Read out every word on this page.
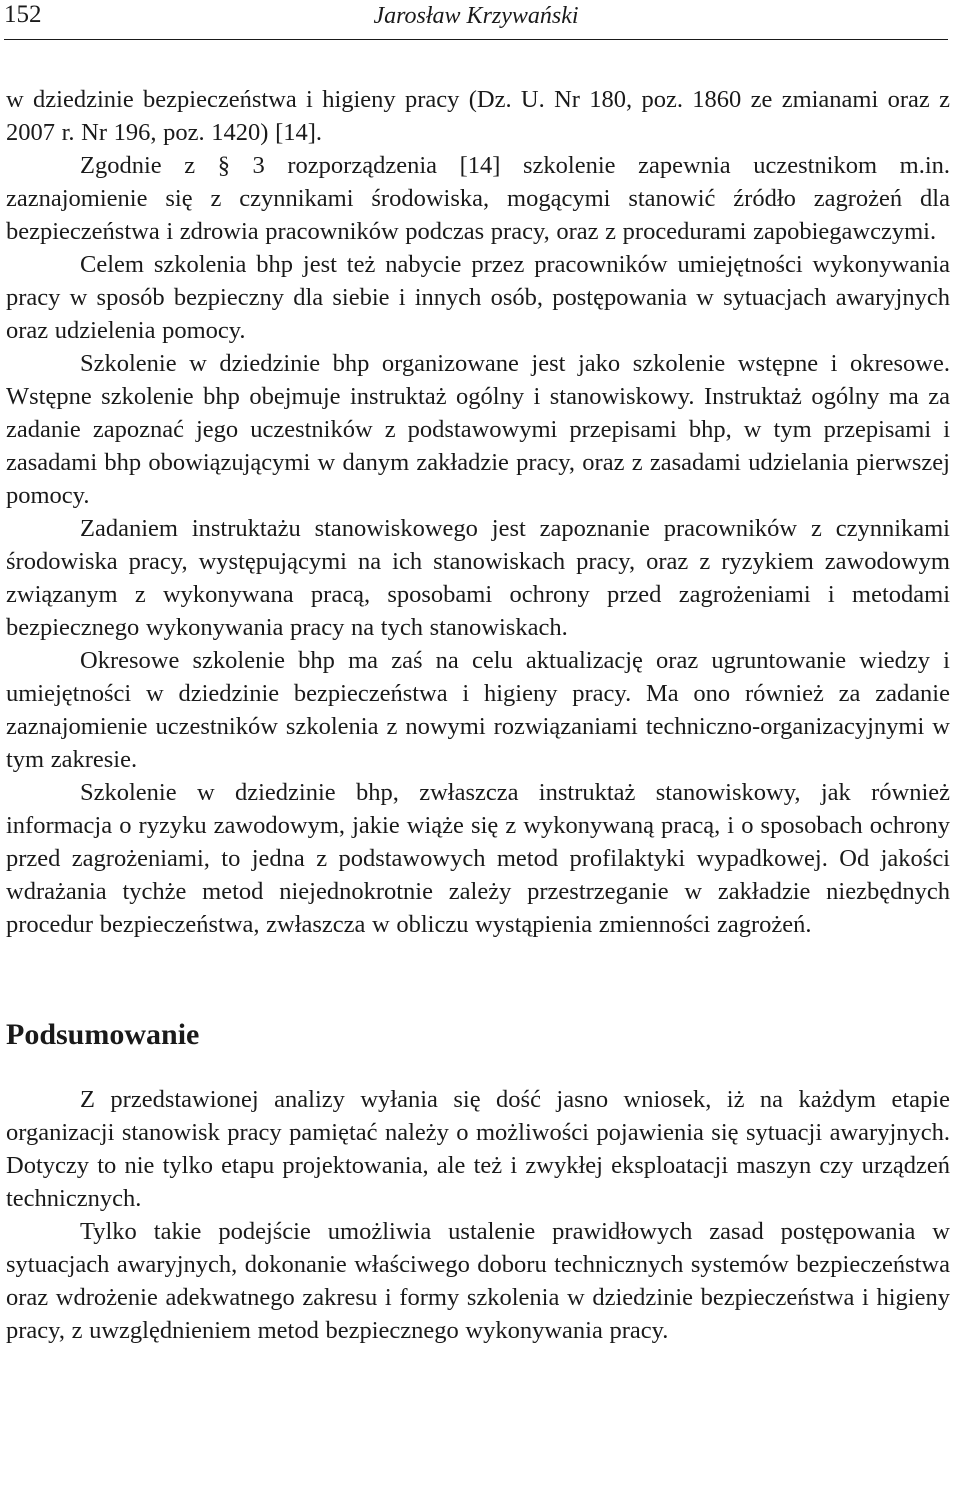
152	Jarosław Krzywański

w dziedzinie bezpieczeństwa i higieny pracy (Dz. U. Nr 180, poz. 1860 ze zmianami oraz z 2007 r. Nr 196, poz. 1420) [14].

Zgodnie z § 3 rozporządzenia [14] szkolenie zapewnia uczestnikom m.in. zaznajomienie się z czynnikami środowiska, mogącymi stanowić źródło zagrożeń dla bezpieczeństwa i zdrowia pracowników podczas pracy, oraz z procedurami zapobiegawczymi.

Celem szkolenia bhp jest też nabycie przez pracowników umiejętności wykonywania pracy w sposób bezpieczny dla siebie i innych osób, postępowania w sytuacjach awaryjnych oraz udzielenia pomocy.

Szkolenie w dziedzinie bhp organizowane jest jako szkolenie wstępne i okresowe. Wstępne szkolenie bhp obejmuje instruktaż ogólny i stanowiskowy. Instruktaż ogólny ma za zadanie zapoznać jego uczestników z podstawowymi przepisami bhp, w tym przepisami i zasadami bhp obowiązującymi w danym zakładzie pracy, oraz z zasadami udzielania pierwszej pomocy.

Zadaniem instruktażu stanowiskowego jest zapoznanie pracowników z czynnikami środowiska pracy, występującymi na ich stanowiskach pracy, oraz z ryzykiem zawodowym związanym z wykonywana pracą, sposobami ochrony przed zagrożeniami i metodami bezpiecznego wykonywania pracy na tych stanowiskach.

Okresowe szkolenie bhp ma zaś na celu aktualizację oraz ugruntowanie wiedzy i umiejętności w dziedzinie bezpieczeństwa i higieny pracy. Ma ono również za zadanie zaznajomienie uczestników szkolenia z nowymi rozwiązaniami techniczno-organizacyjnymi w tym zakresie.

Szkolenie w dziedzinie bhp, zwłaszcza instruktaż stanowiskowy, jak również informacja o ryzyku zawodowym, jakie wiąże się z wykonywaną pracą, i o sposobach ochrony przed zagrożeniami, to jedna z podstawowych metod profilaktyki wypadkowej. Od jakości wdrażania tychże metod niejednokrotnie zależy przestrzeganie w zakładzie niezbędnych procedur bezpieczeństwa, zwłaszcza w obliczu wystąpienia zmienności zagrożeń.

Podsumowanie

Z przedstawionej analizy wyłania się dość jasno wniosek, iż na każdym etapie organizacji stanowisk pracy pamiętać należy o możliwości pojawienia się sytuacji awaryjnych. Dotyczy to nie tylko etapu projektowania, ale też i zwykłej eksploatacji maszyn czy urządzeń technicznych.

Tylko takie podejście umożliwia ustalenie prawidłowych zasad postępowania w sytuacjach awaryjnych, dokonanie właściwego doboru technicznych systemów bezpieczeństwa oraz wdrożenie adekwatnego zakresu i formy szkolenia w dziedzinie bezpieczeństwa i higieny pracy, z uwzględnieniem metod bezpiecznego wykonywania pracy.
